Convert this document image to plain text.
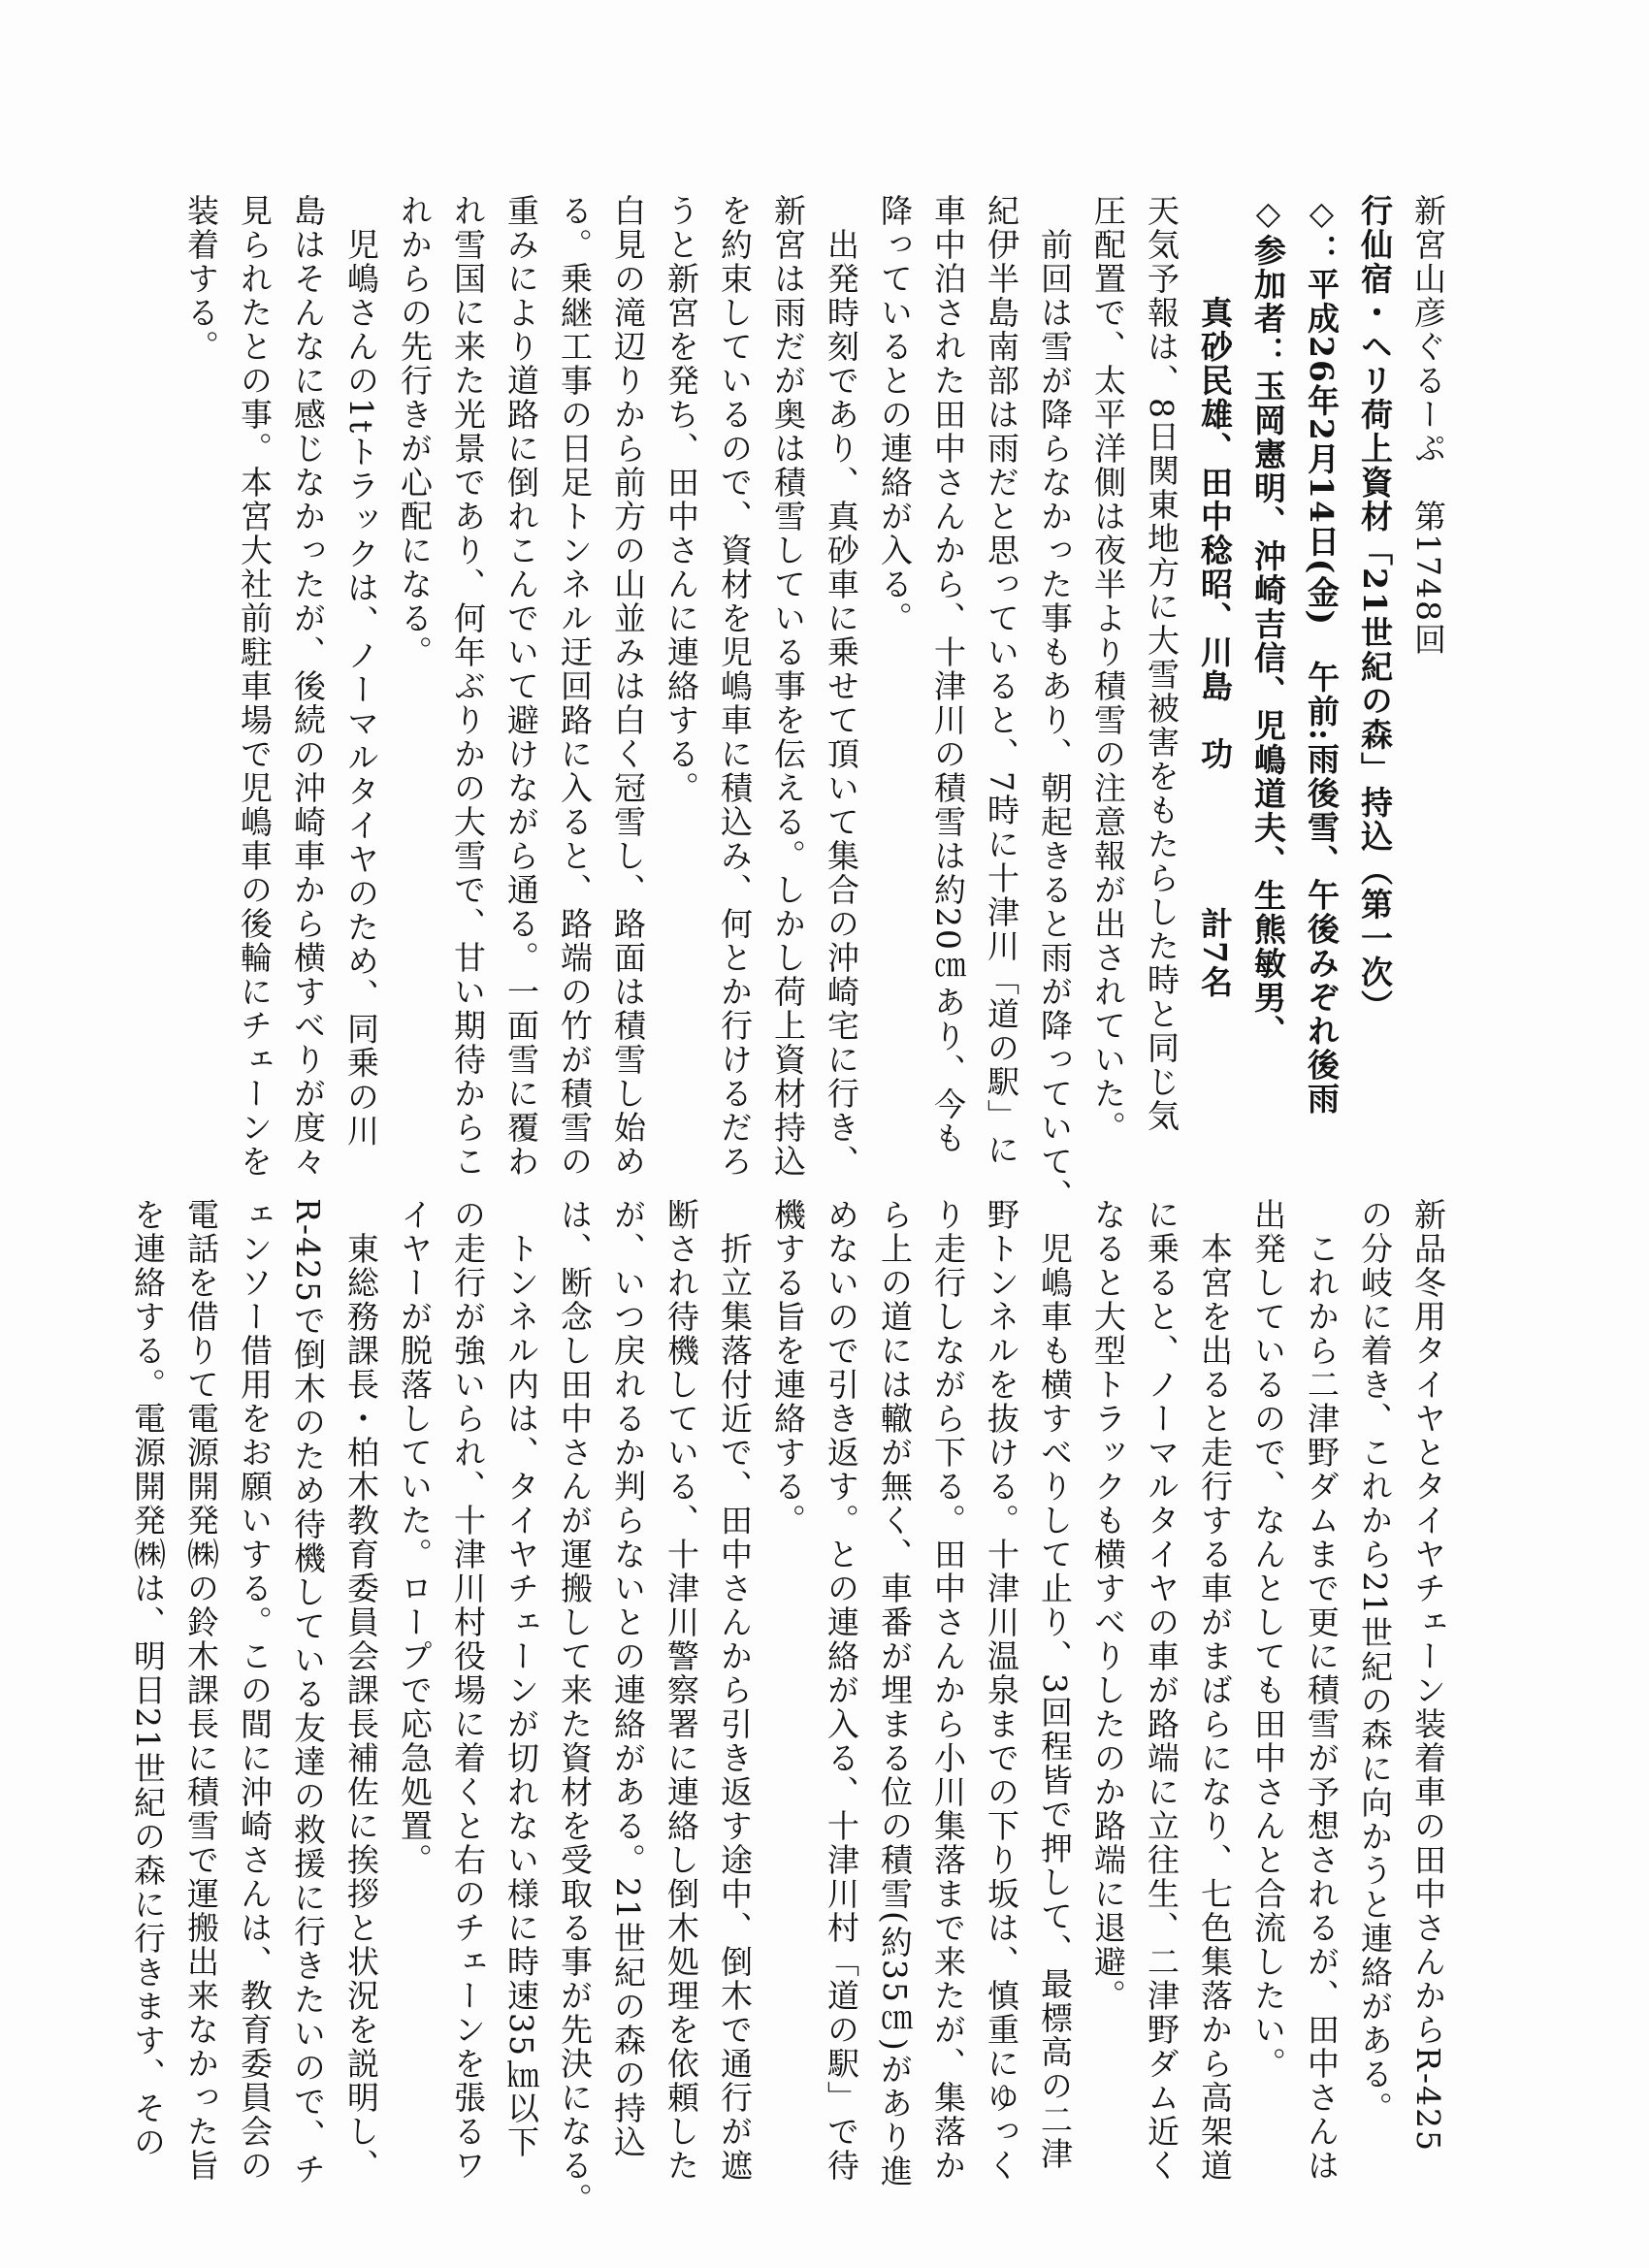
新宮山彦ぐるーぷ　第1748回

行仙宿・ヘリ荷上資材「21世紀の森」持込（第一次）

◇：平成26年2月14日(金)　午前:雨後雪、午後みぞれ後雨

◇参加者：玉岡憲明、沖崎吉信、児嶋道夫、生熊敏男、

　　　真砂民雄、田中稔昭、川島　功　　　　計7名

天気予報は、8日関東地方に大雪被害をもたらした時と同じ気

圧配置で、太平洋側は夜半より積雪の注意報が出されていた。

　前回は雪が降らなかった事もあり、朝起きると雨が降っていて、

紀伊半島南部は雨だと思っていると、7時に十津川「道の駅」に

車中泊された田中さんから、十津川の積雪は約20㎝あり、今も

降っているとの連絡が入る。

　出発時刻であり、真砂車に乗せて頂いて集合の沖崎宅に行き、

新宮は雨だが奥は積雪している事を伝える。しかし荷上資材持込

を約束しているので、資材を児嶋車に積込み、何とか行けるだろ

うと新宮を発ち、田中さんに連絡する。

白見の滝辺りから前方の山並みは白く冠雪し、路面は積雪し始め

る。乗継工事の日足トンネル迂回路に入ると、路端の竹が積雪の

重みにより道路に倒れこんでいて避けながら通る。一面雪に覆わ

れ雪国に来た光景であり、何年ぶりかの大雪で、甘い期待からこ

れからの先行きが心配になる。

　児嶋さんの1tトラックは、ノーマルタイヤのため、同乗の川

島はそんなに感じなかったが、後続の沖崎車から横すべりが度々

見られたとの事。本宮大社前駐車場で児嶋車の後輪にチェーンを

装着する。

新品冬用タイヤとタイヤチェーン装着車の田中さんからR-425

の分岐に着き、これから21世紀の森に向かうと連絡がある。

　これから二津野ダムまで更に積雪が予想されるが、田中さんは

出発しているので、なんとしても田中さんと合流したい。

　本宮を出ると走行する車がまばらになり、七色集落から高架道

に乗ると、ノーマルタイヤの車が路端に立往生、二津野ダム近く

なると大型トラックも横すべりしたのか路端に退避。

　児嶋車も横すべりして止り、3回程皆で押して、最標高の二津

野トンネルを抜ける。十津川温泉までの下り坂は、慎重にゆっく

り走行しながら下る。田中さんから小川集落まで来たが、集落か

ら上の道には轍が無く、車番が埋まる位の積雪(約35㎝)があり進

めないので引き返す。との連絡が入る、十津川村「道の駅」で待

機する旨を連絡する。

　折立集落付近で、田中さんから引き返す途中、倒木で通行が遮

断され待機している、十津川警察署に連絡し倒木処理を依頼した

が、いつ戻れるか判らないとの連絡がある。21世紀の森の持込

は、断念し田中さんが運搬して来た資材を受取る事が先決になる。

　トンネル内は、タイヤチェーンが切れない様に時速35㎞以下

の走行が強いられ、十津川村役場に着くと右のチェーンを張るワ

イヤーが脱落していた。ロープで応急処置。

　東総務課長・柏木教育委員会課長補佐に挨拶と状況を説明し、

R-425で倒木のため待機している友達の救援に行きたいので、チ

ェンソー借用をお願いする。この間に沖崎さんは、教育委員会の

電話を借りて電源開発㈱の鈴木課長に積雪で運搬出来なかった旨

を連絡する。電源開発㈱は、明日21世紀の森に行きます、その
